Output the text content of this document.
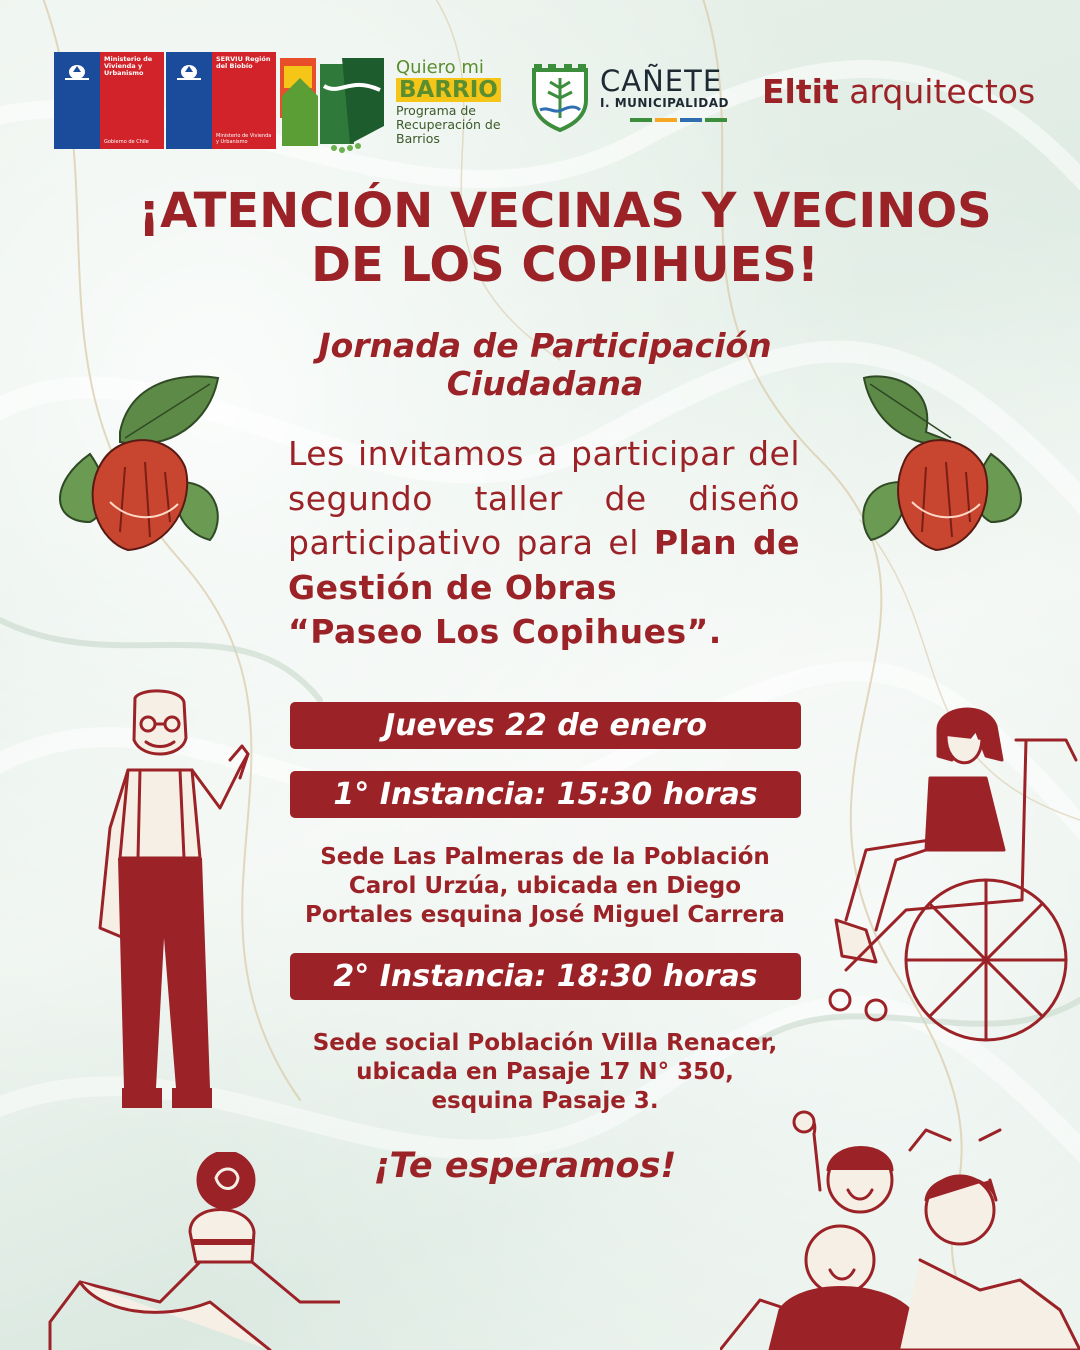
Ministerio de Vivienda y Urbanismo
Gobierno de Chile
SERVIU Región del Biobío
Ministerio de Vivienda y Urbanismo
Quiero mi
BARRIO
Programa de Recuperación de Barrios
CAÑETE
I. MUNICIPALIDAD Eltit arquitectos
¡ATENCIÓN VECINAS Y VECINOS
DE LOS COPIHUES!
Jornada de Participación Ciudadana
Les invitamos a participar del segundo taller de diseño participativo para el Plan de Gestión de Obras
“Paseo Los Copihues”.
Jueves 22 de enero
1° Instancia: 15:30 horas
Sede Las Palmeras de la Población
Carol Urzúa, ubicada en Diego
Portales esquina José Miguel Carrera
2° Instancia: 18:30 horas
Sede social Población Villa Renacer,
ubicada en Pasaje 17 N° 350,
esquina Pasaje 3.
¡Te esperamos!
